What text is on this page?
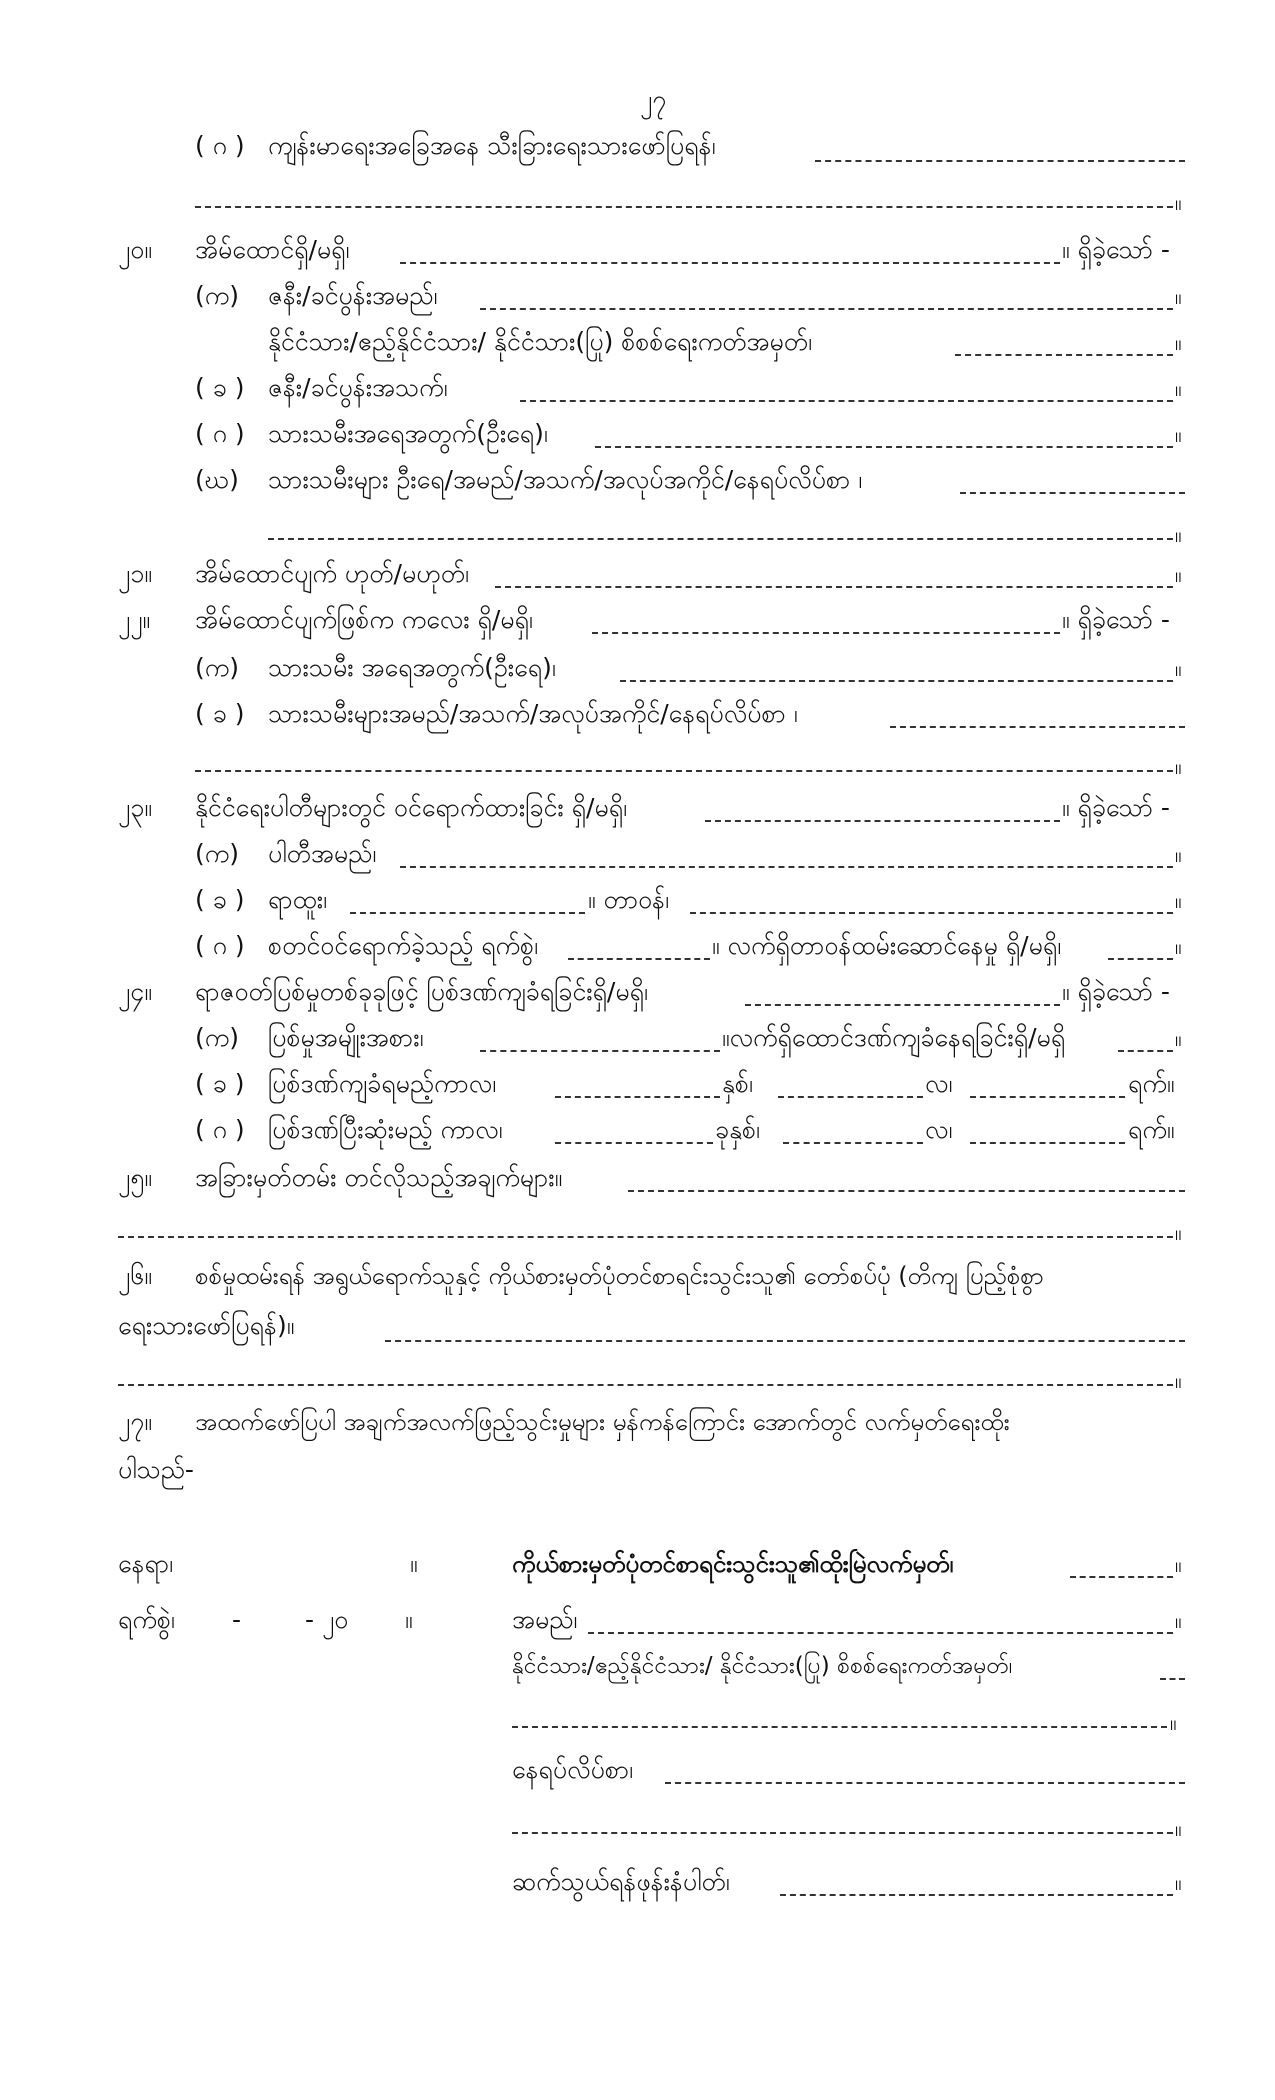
၂၇
( ဂ ) ကျန်းမာရေးအခြေအနေ သီးခြားရေးသားဖော်ပြရန်၊
။
၂၀။ အိမ်ထောင်ရှိ/မရှိ၊	။ ရှိခဲ့သော် -
(က) ဇနီး/ခင်ပွန်းအမည်၊	။
နိုင်ငံသား/ဧည့်နိုင်ငံသား/ နိုင်ငံသား(ပြု) စိစစ်ရေးကတ်အမှတ်၊	။
( ခ ) ဇနီး/ခင်ပွန်းအသက်၊	။
( ဂ ) သားသမီးအရေအတွက်(ဦးရေ)၊	။
(ဃ) သားသမီးများ ဦးရေ/အမည်/အသက်/အလုပ်အကိုင်/နေရပ်လိပ်စာ ၊
။
၂၁။ အိမ်ထောင်ပျက် ဟုတ်/မဟုတ်၊	။
၂၂။ အိမ်ထောင်ပျက်ဖြစ်က ကလေး ရှိ/မရှိ၊	။ ရှိခဲ့သော် -
(က) သားသမီး အရေအတွက်(ဦးရေ)၊	။
( ခ ) သားသမီးများအမည်/အသက်/အလုပ်အကိုင်/နေရပ်လိပ်စာ ၊
။
၂၃။ နိုင်ငံရေးပါတီများတွင် ဝင်ရောက်ထားခြင်း ရှိ/မရှိ၊	။ ရှိခဲ့သော် -
(က) ပါတီအမည်၊	။
( ခ ) ရာထူး၊	။ တာဝန်၊	။
( ဂ ) စတင်ဝင်ရောက်ခဲ့သည့် ရက်စွဲ၊	။ လက်ရှိတာဝန်ထမ်းဆောင်နေမှု ရှိ/မရှိ၊	။
၂၄။ ရာဇဝတ်ပြစ်မှုတစ်ခုခုဖြင့် ပြစ်ဒဏ်ကျခံရခြင်းရှိ/မရှိ၊	။ ရှိခဲ့သော် -
(က) ပြစ်မှုအမျိုးအစား၊	။လက်ရှိထောင်ဒဏ်ကျခံနေရခြင်းရှိ/မရှိ	။
( ခ ) ပြစ်ဒဏ်ကျခံရမည့်ကာလ၊	နှစ်၊	လ၊	ရက်။
( ဂ ) ပြစ်ဒဏ်ပြီးဆုံးမည့် ကာလ၊	ခုနှစ်၊	လ၊	ရက်။
၂၅။ အခြားမှတ်တမ်း တင်လိုသည့်အချက်များ။
။
၂၆။ စစ်မှုထမ်းရန် အရွယ်ရောက်သူနှင့် ကိုယ်စားမှတ်ပုံတင်စာရင်းသွင်းသူ၏ တော်စပ်ပုံ (တိကျ ပြည့်စုံစွာ
ရေးသားဖော်ပြရန်)။
။
၂၇။ အထက်ဖော်ပြပါ အချက်အလက်ဖြည့်သွင်းမှုများ မှန်ကန်ကြောင်း အောက်တွင် လက်မှတ်ရေးထိုး
ပါသည်-
နေရာ၊	။
ရက်စွဲ၊ -	- ၂၀ ။
ကိုယ်စားမှတ်ပုံတင်စာရင်းသွင်းသူ၏ထိုးမြဲလက်မှတ်၊	။
အမည်၊	။
နိုင်ငံသား/ဧည့်နိုင်ငံသား/ နိုင်ငံသား(ပြု) စိစစ်ရေးကတ်အမှတ်၊
။
နေရပ်လိပ်စာ၊
။
ဆက်သွယ်ရန်ဖုန်းနံပါတ်၊	။
